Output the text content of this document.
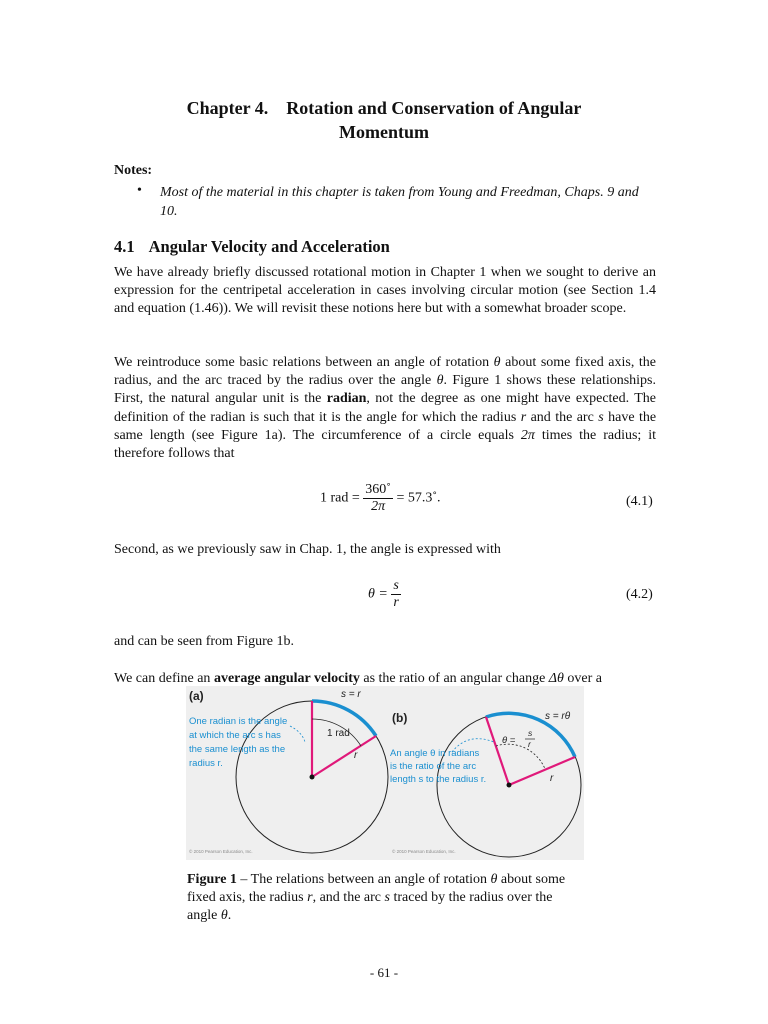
Chapter 4.    Rotation and Conservation of Angular
Momentum
Notes:
• Most of the material in this chapter is taken from Young and Freedman, Chaps. 9 and 10.
4.1 Angular Velocity and Acceleration

We have already briefly discussed rotational motion in Chapter 1 when we sought to derive an expression for the centripetal acceleration in cases involving circular motion (see Section 1.4 and equation (1.46)). We will revisit these notions here but with a somewhat broader scope.

We reintroduce some basic relations between an angle of rotation θ about some fixed axis, the radius, and the arc traced by the radius over the angle θ. Figure 1 shows these relationships. First, the natural angular unit is the radian, not the degree as one might have expected. The definition of the radian is such that it is the angle for which the radius r and the arc s have the same length (see Figure 1a). The circumference of a circle equals 2π times the radius; it therefore follows that

1 rad = $\frac{360˚}{2\pi}$ = 57.3˚.	(4.1)

Second, as we previously saw in Chap. 1, the angle is expressed with

$\theta = \frac{s}{r}$	(4.2)

and can be seen from Figure 1b.

We can define an average angular velocity as the ratio of an angular change Δθ over a

(a)	s = r
1 rad
r
One radian is the angle
at which the arc s has
the same length as the
radius r.
© 2010 Pearson Education, Inc.
(b)	s = rθ
θ =
s
r
r
An angle θ in radians
is the ratio of the arc
length s to the radius r.
© 2010 Pearson Education, Inc.
Figure 1 – The relations between an angle of rotation θ about some fixed axis, the radius r, and the arc s traced by the radius over the angle θ.
- 61 -
